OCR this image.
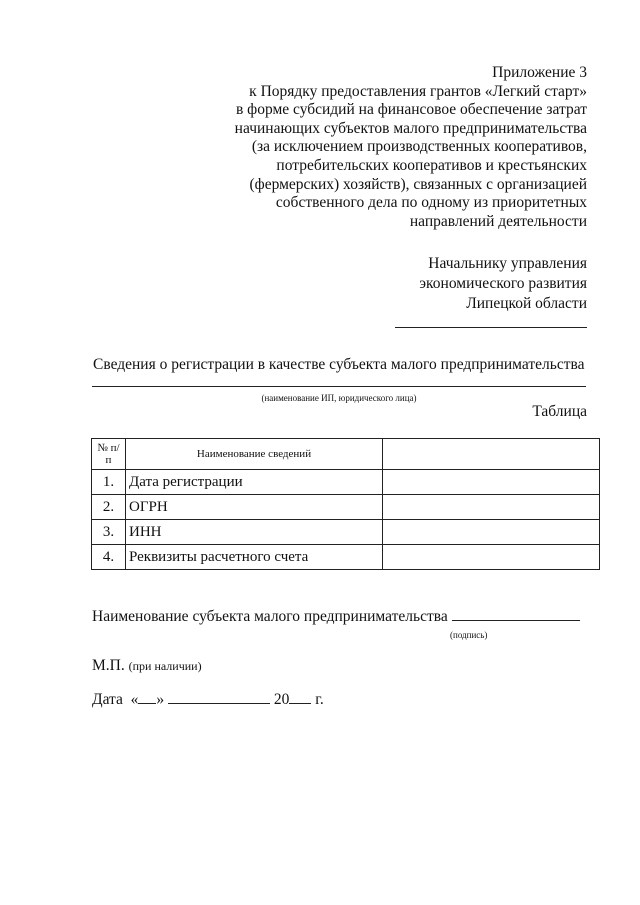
Приложение 3
к Порядку предоставления грантов «Легкий старт»
в форме субсидий на финансовое обеспечение затрат
начинающих субъектов малого предпринимательства
(за исключением производственных кооперативов,
потребительских кооперативов и крестьянских
(фермерских) хозяйств), связанных с организацией
собственного дела по одному из приоритетных
направлений деятельности
Начальнику управления
экономического развития
Липецкой области
Сведения о регистрации в качестве субъекта малого предпринимательства
(наименование ИП, юридического лица)
Таблица
№ п/п	Наименование сведений	
1.	Дата регистрации	
2.	ОГРН	
3.	ИНН	
4.	Реквизиты расчетного счета	
Наименование субъекта малого предпринимательства
(подпись)
М.П. (при наличии)
Дата « »	20 г.
